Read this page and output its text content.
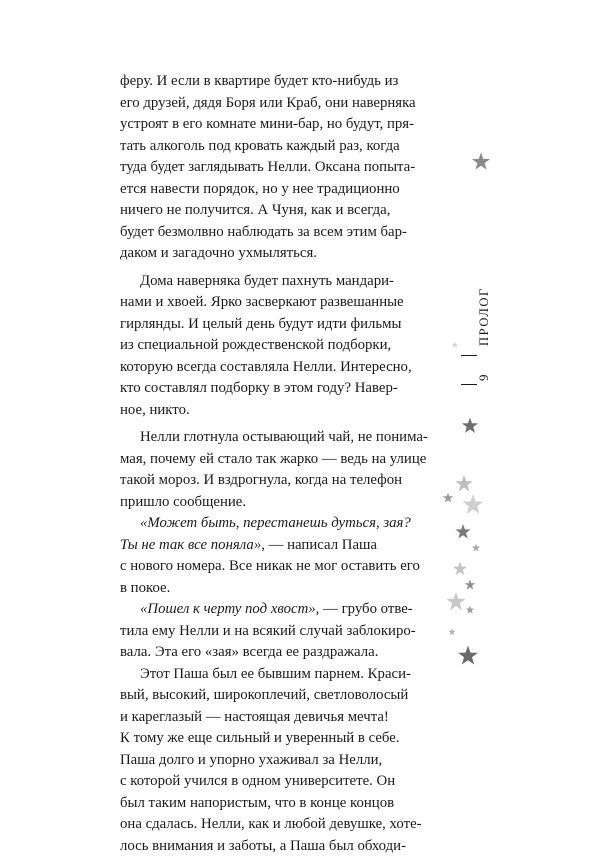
феру. И если в квартире будет кто-нибудь из
его друзей, дядя Боря или Краб, они наверняка
устроят в его комнате мини-бар, но будут, пря-
тать алкоголь под кровать каждый раз, когда
туда будет заглядывать Нелли. Оксана попыта-
ется навести порядок, но у нее традиционно
ничего не получится. А Чуня, как и всегда,
будет безмолвно наблюдать за всем этим бар-
даком и загадочно ухмыляться.

Дома наверняка будет пахнуть мандари-
нами и хвоей. Ярко засверкают развешанные
гирлянды. И целый день будут идти фильмы
из специальной рождественской подборки,
которую всегда составляла Нелли. Интересно,
кто составлял подборку в этом году? Навер-
ное, никто.

Нелли глотнула остывающий чай, не понима-
мая, почему ей стало так жарко — ведь на улице
такой мороз. И вздрогнула, когда на телефон
пришло сообщение.

«Может быть, перестанешь дуться, зая?
Ты не так все поняла», — написал Паша
с нового номера. Все никак не мог оставить его
в покое.

«Пошел к черту под хвост», — грубо отве-
тила ему Нелли и на всякий случай заблокиро-
вала. Эта его «зая» всегда ее раздражала.

Этот Паша был ее бывшим парнем. Краси-
вый, высокий, широкоплечий, светловолосый
и кареглазый — настоящая девичья мечта!
К тому же еще сильный и уверенный в себе.
Паша долго и упорно ухаживал за Нелли,
с которой учился в одном университете. Он
был таким напористым, что в конце концов
она сдалась. Нелли, как и любой девушке, хоте-
лось внимания и заботы, а Паша был обходи-

ПРОЛОГ
9
